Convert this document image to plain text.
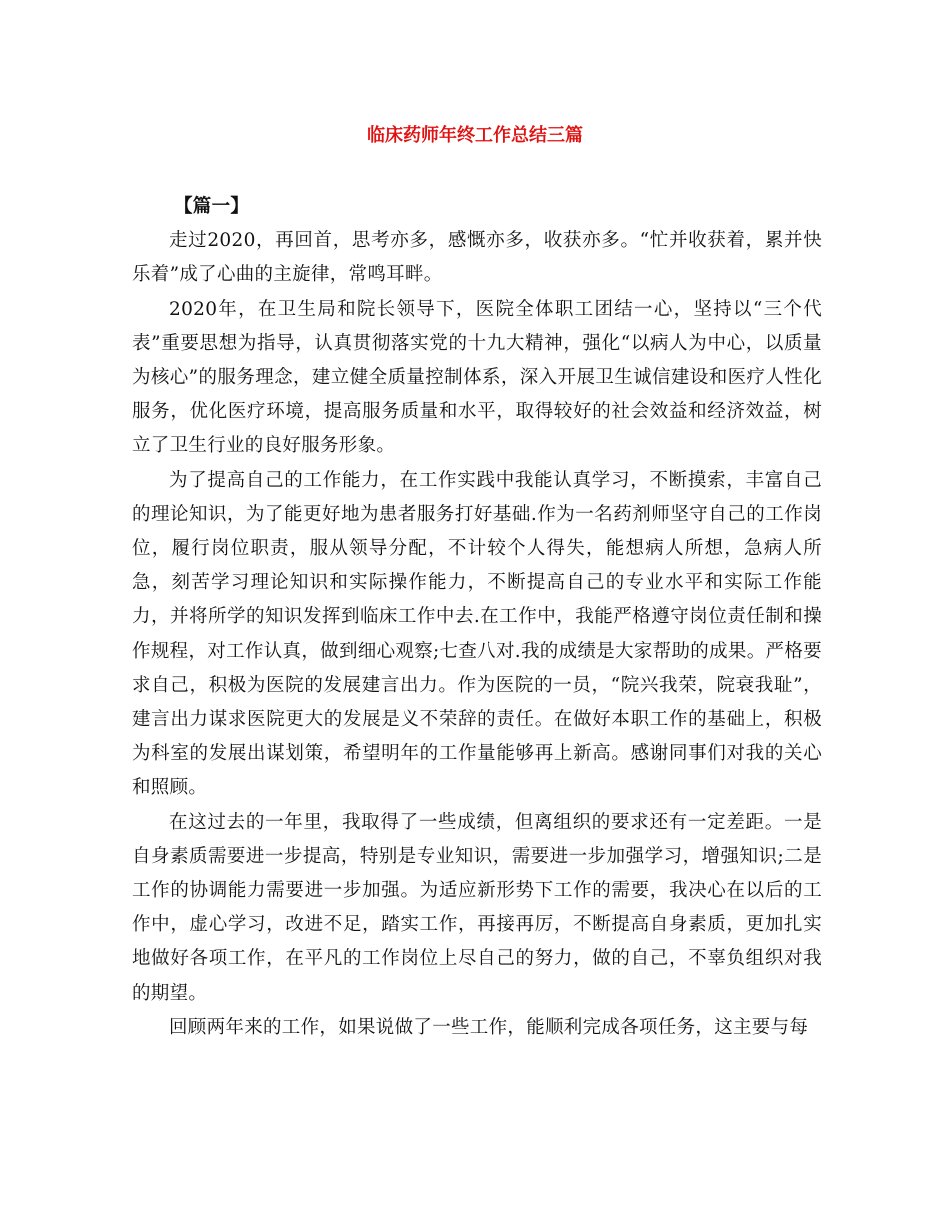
临床药师年终工作总结三篇

【篇一】

走过2020，再回首，思考亦多，感慨亦多，收获亦多。“忙并收获着，累并快乐着”成了心曲的主旋律，常鸣耳畔。

2020年，在卫生局和院长领导下，医院全体职工团结一心，坚持以“三个代表”重要思想为指导，认真贯彻落实党的十九大精神，强化“以病人为中心，以质量为核心”的服务理念，建立健全质量控制体系，深入开展卫生诚信建设和医疗人性化服务，优化医疗环境，提高服务质量和水平，取得较好的社会效益和经济效益，树立了卫生行业的良好服务形象。

为了提高自己的工作能力，在工作实践中我能认真学习，不断摸索，丰富自己的理论知识，为了能更好地为患者服务打好基础.作为一名药剂师坚守自己的工作岗位，履行岗位职责，服从领导分配，不计较个人得失，能想病人所想，急病人所急，刻苦学习理论知识和实际操作能力，不断提高自己的专业水平和实际工作能力，并将所学的知识发挥到临床工作中去.在工作中，我能严格遵守岗位责任制和操作规程，对工作认真，做到细心观察;七查八对.我的成绩是大家帮助的成果。严格要求自己，积极为医院的发展建言出力。作为医院的一员，“院兴我荣，院衰我耻”，建言出力谋求医院更大的发展是义不荣辞的责任。在做好本职工作的基础上，积极为科室的发展出谋划策，希望明年的工作量能够再上新高。感谢同事们对我的关心和照顾。

在这过去的一年里，我取得了一些成绩，但离组织的要求还有一定差距。一是自身素质需要进一步提高，特别是专业知识，需要进一步加强学习，增强知识;二是工作的协调能力需要进一步加强。为适应新形势下工作的需要，我决心在以后的工作中，虚心学习，改进不足，踏实工作，再接再厉，不断提高自身素质，更加扎实地做好各项工作，在平凡的工作岗位上尽自己的努力，做的自己，不辜负组织对我的期望。

回顾两年来的工作，如果说做了一些工作，能顺利完成各项任务，这主要与每
